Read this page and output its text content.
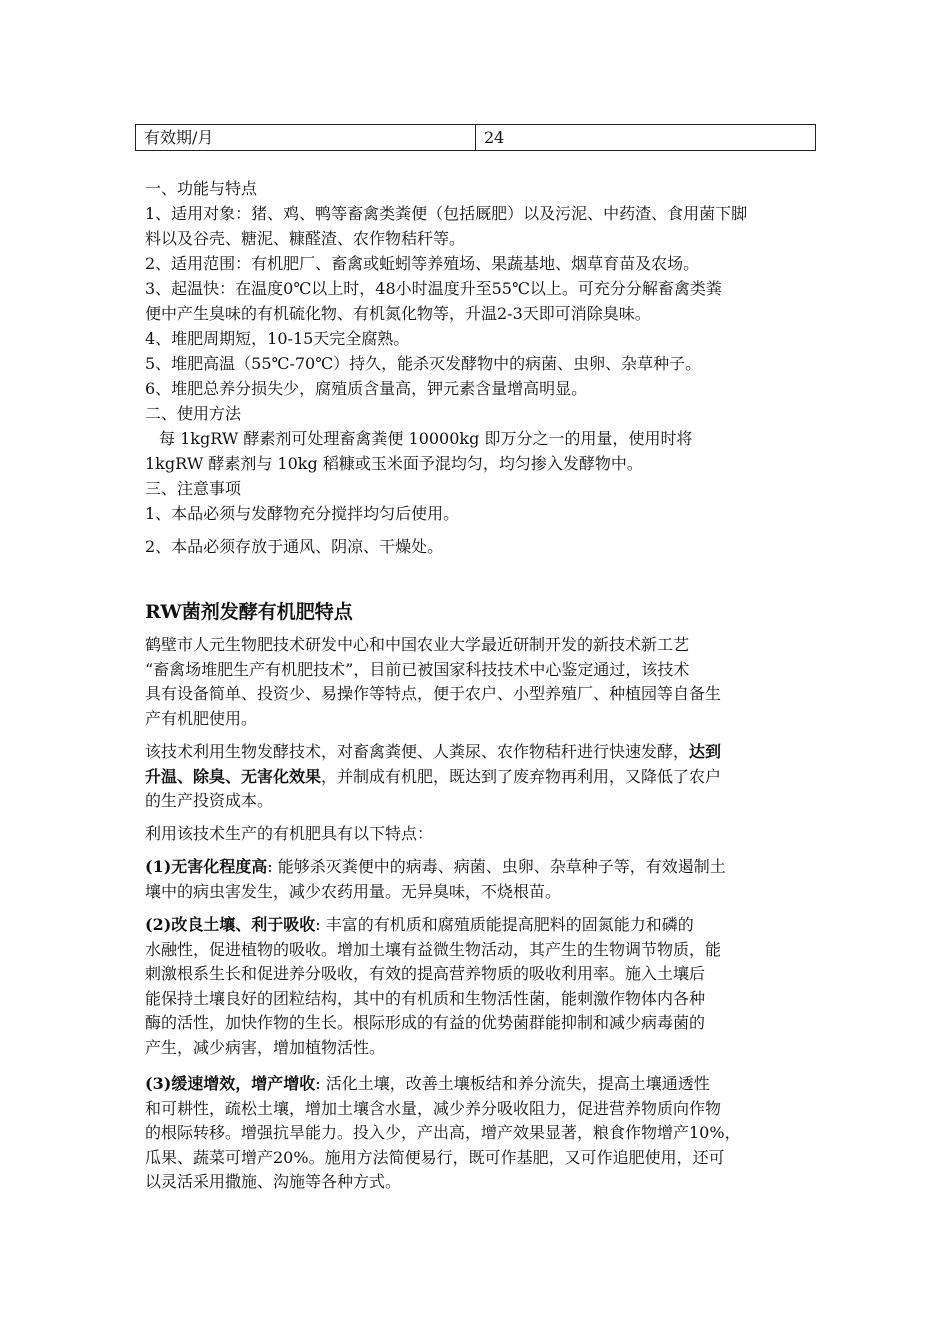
有效期/月	24
一、功能与特点
1、适用对象：猪、鸡、鸭等畜禽类粪便（包括厩肥）以及污泥、中药渣、食用菌下脚
料以及谷壳、糖泥、糠醛渣、农作物秸秆等。
2、适用范围：有机肥厂、畜禽或蚯蚓等养殖场、果蔬基地、烟草育苗及农场。
3、起温快：在温度0℃以上时，48小时温度升至55℃以上。可充分分解畜禽类粪
便中产生臭味的有机硫化物、有机氮化物等，升温2-3天即可消除臭味。
4、堆肥周期短，10-15天完全腐熟。
5、堆肥高温（55℃-70℃）持久，能杀灭发酵物中的病菌、虫卵、杂草种子。
6、堆肥总养分损失少，腐殖质含量高，钾元素含量增高明显。
二、使用方法
每 1kgRW 酵素剂可处理畜禽粪便 10000kg 即万分之一的用量，使用时将
1kgRW 酵素剂与 10kg 稻糠或玉米面予混均匀，均匀掺入发酵物中。
三、注意事项
1、本品必须与发酵物充分搅拌均匀后使用。
2、本品必须存放于通风、阴凉、干燥处。
RW菌剂发酵有机肥特点
鹤壁市人元生物肥技术研发中心和中国农业大学最近研制开发的新技术新工艺
“畜禽场堆肥生产有机肥技术”，目前已被国家科技技术中心鉴定通过，该技术
具有设备简单、投资少、易操作等特点，便于农户、小型养殖厂、种植园等自备生
产有机肥使用。
该技术利用生物发酵技术，对畜禽粪便、人粪尿、农作物秸秆进行快速发酵，达到
升温、除臭、无害化效果，并制成有机肥，既达到了废弃物再利用，又降低了农户
的生产投资成本。
利用该技术生产的有机肥具有以下特点：
(1)无害化程度高: 能够杀灭粪便中的病毒、病菌、虫卵、杂草种子等，有效遏制土
壤中的病虫害发生，减少农药用量。无异臭味，不烧根苗。
(2)改良土壤、利于吸收: 丰富的有机质和腐殖质能提高肥料的固氮能力和磷的
水融性，促进植物的吸收。增加土壤有益微生物活动，其产生的生物调节物质，能
刺激根系生长和促进养分吸收，有效的提高营养物质的吸收利用率。施入土壤后
能保持土壤良好的团粒结构，其中的有机质和生物活性菌，能刺激作物体内各种
酶的活性，加快作物的生长。根际形成的有益的优势菌群能抑制和减少病毒菌的
产生，减少病害，增加植物活性。
(3)缓速增效，增产增收: 活化土壤，改善土壤板结和养分流失，提高土壤通透性
和可耕性，疏松土壤，增加土壤含水量，减少养分吸收阻力，促进营养物质向作物
的根际转移。增强抗旱能力。投入少，产出高，增产效果显著，粮食作物增产10%，
瓜果、蔬菜可增产20%。施用方法简便易行，既可作基肥，又可作追肥使用，还可
以灵活采用撒施、沟施等各种方式。
